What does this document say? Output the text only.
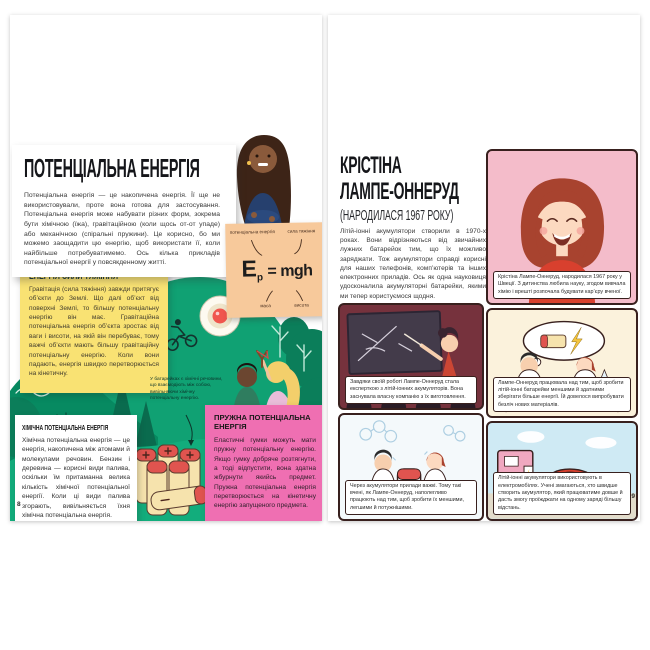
ПОТЕНЦІАЛЬНА ЕНЕРГІЯ

Потенціальна енергія — це накопичена енергія. Її ще не використовували, проте вона готова для застосування. Потенціальна енергія може набувати різних форм, зокрема бути хімічною (їжа), гравітаційною (коли щось от-от упаде) або механічною (спіральні пружини). Це корисно, бо ми можемо заощадити цю енергію, щоб використати її, коли найбільше потребуватимемо. Ось кілька прикладів потенціальної енергії у повсякденному житті.

потенціальна енергія	сила тяжіння
$E_p$ = mgh
маса	висота

Гравітація (сила тяжіння) завжди притягує об’єкти до Землі. Що далі об’єкт від поверхні Землі, то більшу потенціальну енергію він має. Гравітаційна потенціальна енергія об’єкта зростає від ваги і висоти, на якій він перебуває, тому важчі об’єкти мають більшу гравітаційну потенціальну енергію. Коли вони падають, енергія швидко перетворюється на кінетичну.

У батарейках є хімічні речовини, що взаємодіють між собою, вивільняючи хімічну потенціальну енергію.
ХІМІЧНА ПОТЕНЦІАЛЬНА ЕНЕРГІЯ

Хімічна потенціальна енергія — це енергія, накопичена між атомами й молекулами речовин. Бензин і деревина — корисні види палива, оскільки їм притаманна велика кількість хімічної потенціальної енергії. Коли ці види палива згорають, вивільняється їхня хімічна потенціальна енергія.

ПРУЖНА ПОТЕНЦІАЛЬНА ЕНЕРГІЯ

Еластичні гумки можуть мати пружну потенціальну енергію. Якщо гумку добряче розтягнути, а тоді відпустити, вона здатна жбурнути якийсь предмет. Пружна потенціальна енергія перетворюється на кінетичну енергію запущеного предмета.

8
КРІСТІНА
ЛАМПЕ-ОННЕРУД
(НАРОДИЛАСЯ 1967 РОКУ)

Літій-іонні акумулятори створили в 1970-х роках. Вони відрізняються від звичайних лужних батарейок тим, що їх можливо заряджати. Тож акумулятори справді корисні для наших телефонів, комп’ютерів та інших електронних приладів. Ось як одна науковиця удосконалила акумуляторні батарейки, якими ми тепер користуємося щодня.

Крістіна Лампе-Оннеруд, народилася 1967 року у Швеції. З дитинства любила науку, згодом вивчала хімію і врешті розпочала будувати кар’єру вченої.
Завдяки своїй роботі Лампе-Оннеруд стала експерткою з літій-іонних акумуляторів. Вона заснувала власну компанію з їх виготовлення.
Лампе-Оннеруд працювала над тим, щоб зробити літій-іонні батарейки меншими й здатними зберігати більше енергії. Їй довелося випробувати безліч нових матеріалів.
Через акумулятори прилади важкі. Тому такі вчені, як Лампе-Оннеруд, наполегливо працюють над тим, щоб зробити їх меншими, легшими й потужнішими.
Літій-іонні акумулятори використовують в електромобілях. Учені змагаються, хто швидше створить акумулятор, який працюватиме довше й дасть змогу проїжджати на одному заряді більшу відстань.
9
